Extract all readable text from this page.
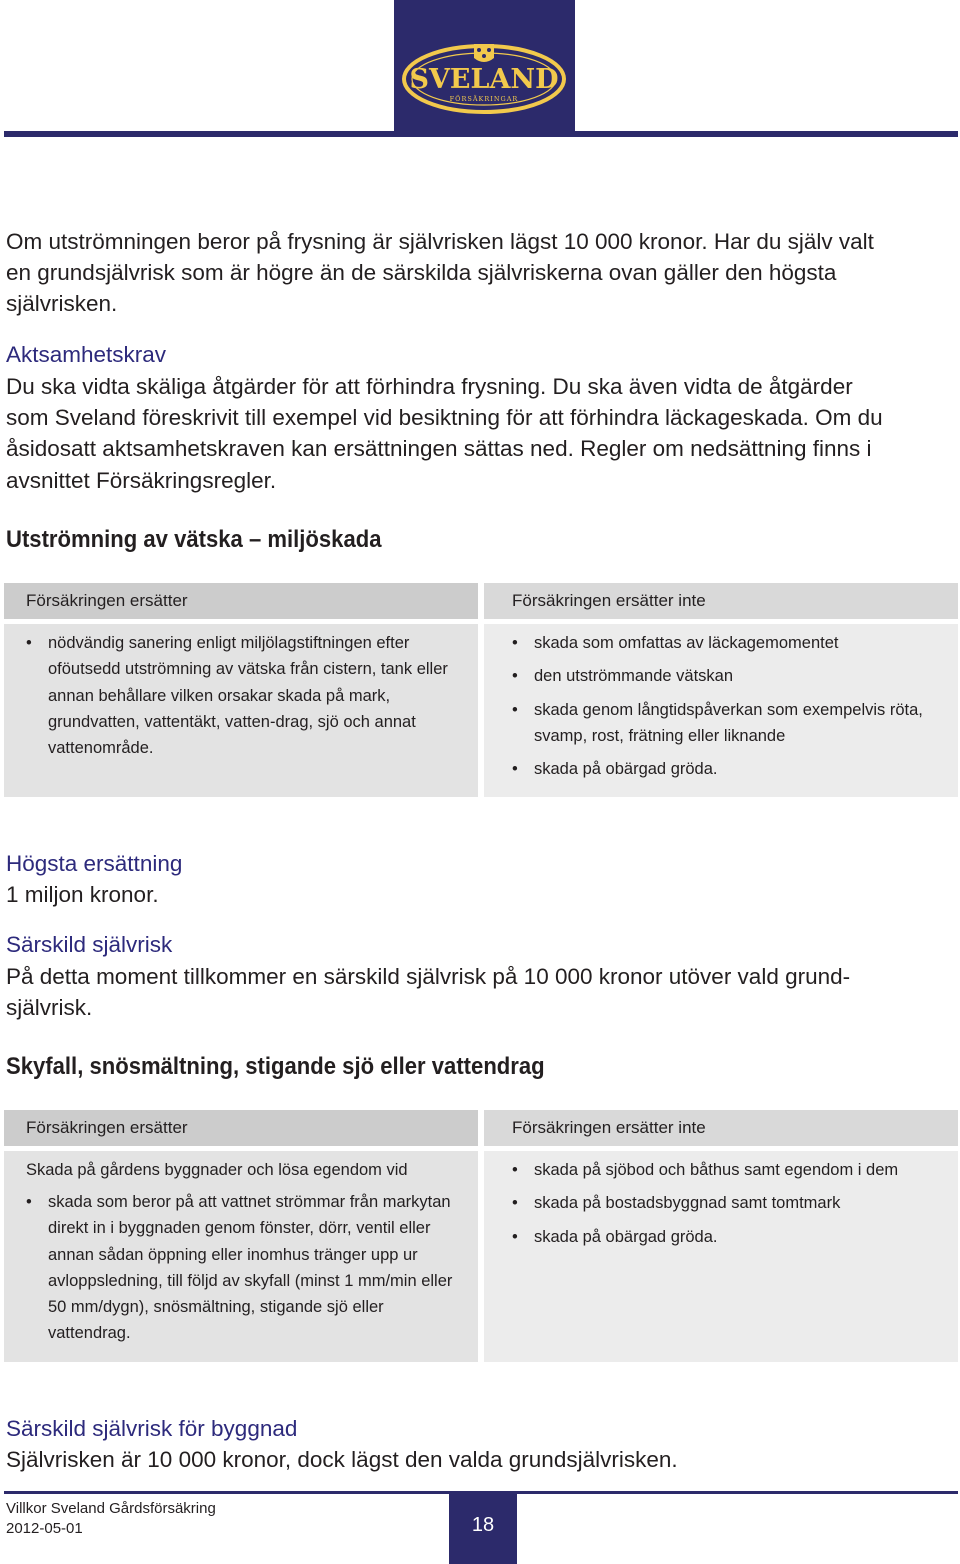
SVELAND
FÖRSÄKRINGAR

Om utströmningen beror på frysning är självrisken lägst 10 000 kronor. Har du själv valt

en grundsjälvrisk som är högre än de särskilda självriskerna ovan gäller den högsta

självrisken.

Aktsamhetskrav

Du ska vidta skäliga åtgärder för att förhindra frysning. Du ska även vidta de åtgärder

som Sveland föreskrivit till exempel vid besiktning för att förhindra läckageskada. Om du

åsidosatt aktsamhetskraven kan ersättningen sättas ned. Regler om nedsättning finns i

avsnittet Försäkringsregler.

Utströmning av vätska – miljöskada
Försäkringen ersätter
• nödvändig sanering enligt miljölagstiftningen efter oföutsedd utströmning av vätska från cistern, tank eller annan behållare vilken orsakar skada på mark, grundvatten, vattentäkt, vatten-drag, sjö och annat vattenområde.
Försäkringen ersätter inte
• skada som omfattas av läckagemomentet
• den utströmmande vätskan
• skada genom långtidspåverkan som exempelvis röta, svamp, rost, frätning eller liknande
• skada på obärgad gröda.

Högsta ersättning

1 miljon kronor.

Särskild självrisk

På detta moment tillkommer en särskild självrisk på 10 000 kronor utöver vald grund-

självrisk.

Skyfall, snösmältning, stigande sjö eller vattendrag
Försäkringen ersätter

Skada på gårdens byggnader och lösa egendom vid

• skada som beror på att vattnet strömmar från markytan direkt in i byggnaden genom fönster, dörr, ventil eller annan sådan öppning eller inomhus tränger upp ur avloppsledning, till följd av skyfall (minst 1 mm/min eller 50 mm/dygn), snösmältning, stigande sjö eller vattendrag.
Försäkringen ersätter inte
• skada på sjöbod och båthus samt egendom i dem
• skada på bostadsbyggnad samt tomtmark
• skada på obärgad gröda.

Särskild självrisk för byggnad

Självrisken är 10 000 kronor, dock lägst den valda grundsjälvrisken.

Villkor Sveland Gårdsförsäkring

2012-05-01	18
